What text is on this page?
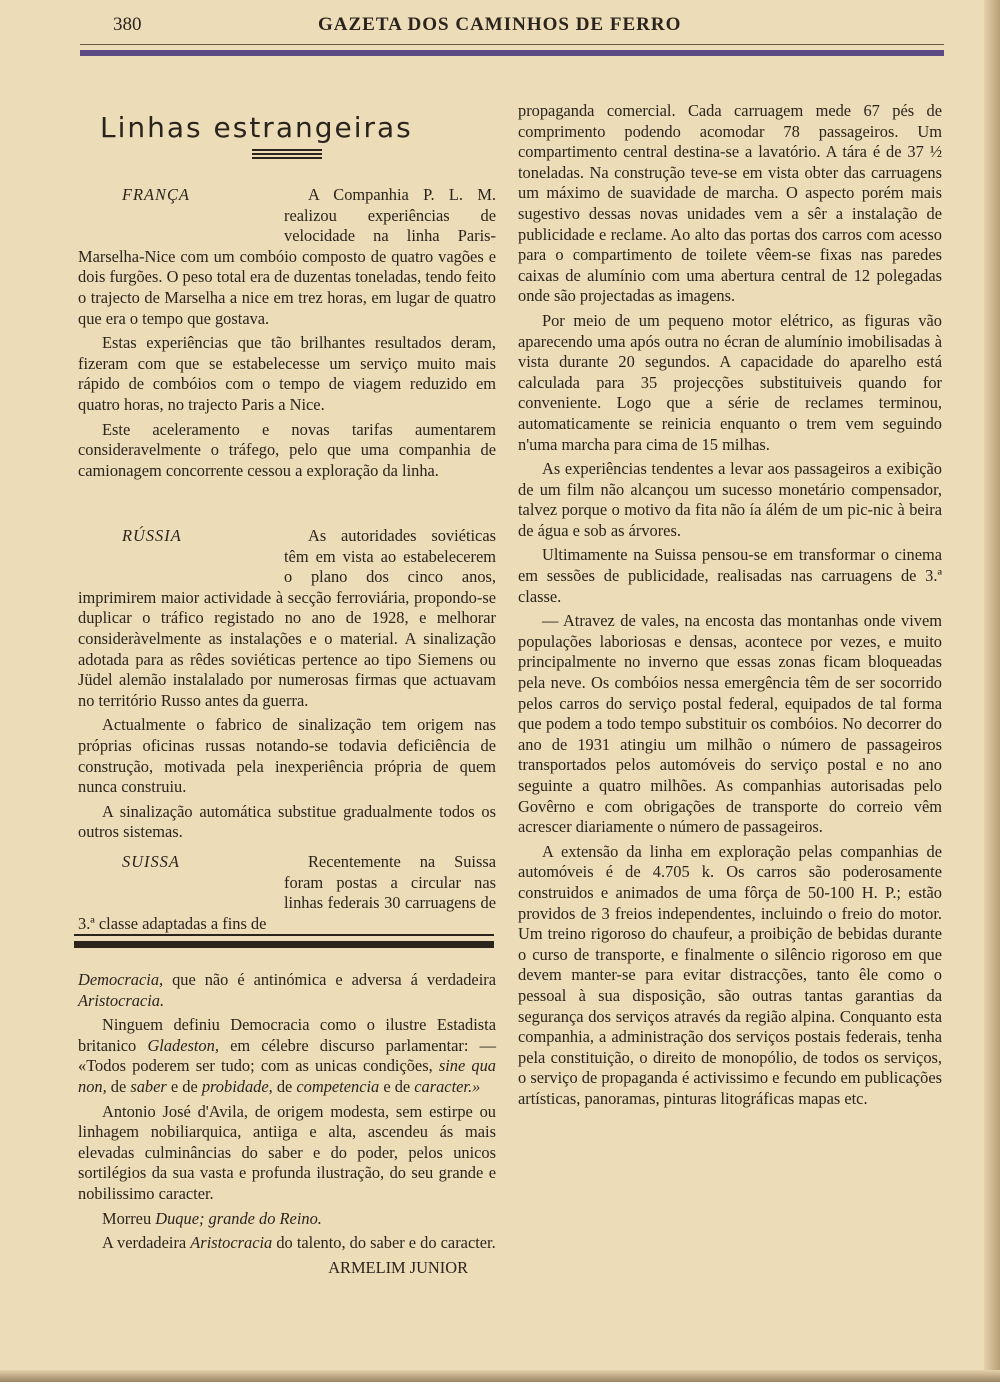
380	GAZETA DOS CAMINHOS DE FERRO
Linhas estrangeiras

FRANÇA	A Companhia P. L. M. realizou experiências de velocidade na linha Paris-Marselha-Nice com um combóio composto de quatro vagões e dois furgões. O peso total era de duzentas toneladas, tendo feito o trajecto de Marselha a nice em trez horas, em lugar de quatro que era o tempo que gostava.

Estas experiências que tão brilhantes resultados deram, fizeram com que se estabelecesse um serviço muito mais rápido de combóios com o tempo de viagem reduzido em quatro horas, no trajecto Paris a Nice.

Este aceleramento e novas tarifas aumentarem consideravelmente o tráfego, pelo que uma companhia de camionagem concorrente cessou a exploração da linha.

RÚSSIA	As autoridades soviéticas têm em vista ao estabelecerem o plano dos cinco anos, imprimirem maior actividade à secção ferroviária, propondo-se duplicar o tráfico registado no ano de 1928, e melhorar consideràvelmente as instalações e o material. A sinalização adotada para as rêdes soviéticas pertence ao tipo Siemens ou Jüdel alemão instalalado por numerosas firmas que actuavam no território Russo antes da guerra.

Actualmente o fabrico de sinalização tem origem nas próprias oficinas russas notando-se todavia deficiência de construção, motivada pela inexperiência própria de quem nunca construiu.

A sinalização automática substitue gradualmente todos os outros sistemas.

SUISSA	Recentemente na Suissa foram postas a circular nas linhas federais 30 carruagens de 3.ª classe adaptadas a fins de

Democracia, que não é antinómica e adversa á verdadeira Aristocracia.

Ninguem definiu Democracia como o ilustre Estadista britanico Gladeston, em célebre discurso parlamentar: — «Todos poderem ser tudo; com as unicas condições, sine qua non, de saber e de probidade, de competencia e de caracter.»

Antonio José d'Avila, de origem modesta, sem estirpe ou linhagem nobiliarquica, antiiga e alta, ascendeu ás mais elevadas culminâncias do saber e do poder, pelos unicos sortilégios da sua vasta e profunda ilustração, do seu grande e nobilissimo caracter.

Morreu Duque; grande do Reino.

A verdadeira Aristocracia do talento, do saber e do caracter.

ARMELIM JUNIOR

propaganda comercial. Cada carruagem mede 67 pés de comprimento podendo acomodar 78 passageiros. Um compartimento central destina-se a lavatório. A tára é de 37 ½ toneladas. Na construção teve-se em vista obter das carruagens um máximo de suavidade de marcha. O aspecto porém mais sugestivo dessas novas unidades vem a sêr a instalação de publicidade e reclame. Ao alto das portas dos carros com acesso para o compartimento de toilete vêem-se fixas nas paredes caixas de alumínio com uma abertura central de 12 polegadas onde são projectadas as imagens.

Por meio de um pequeno motor elétrico, as figuras vão aparecendo uma após outra no écran de alumínio imobilisadas à vista durante 20 segundos. A capacidade do aparelho está calculada para 35 projecções substituiveis quando for conveniente. Logo que a série de reclames terminou, automaticamente se reinicia enquanto o trem vem seguindo n'uma marcha para cima de 15 milhas.

As experiências tendentes a levar aos passageiros a exibição de um film não alcançou um sucesso monetário compensador, talvez porque o motivo da fita não ía álém de um pic-nic à beira de água e sob as árvores.

Ultimamente na Suissa pensou-se em transformar o cinema em sessões de publicidade, realisadas nas carruagens de 3.ª classe.

— Atravez de vales, na encosta das montanhas onde vivem populações laboriosas e densas, acontece por vezes, e muito principalmente no inverno que essas zonas ficam bloqueadas pela neve. Os combóios nessa emergência têm de ser socorrido pelos carros do serviço postal federal, equipados de tal forma que podem a todo tempo substituir os combóios. No decorrer do ano de 1931 atingiu um milhão o número de passageiros transportados pelos automóveis do serviço postal e no ano seguinte a quatro milhões. As companhias autorisadas pelo Govêrno e com obrigações de transporte do correio vêm acrescer diariamente o número de passageiros.

A extensão da linha em exploração pelas companhias de automóveis é de 4.705 k. Os carros são poderosamente construidos e animados de uma fôrça de 50-100 H. P.; estão providos de 3 freios independentes, incluindo o freio do motor. Um treino rigoroso do chaufeur, a proibição de bebidas durante o curso de transporte, e finalmente o silêncio rigoroso em que devem manter-se para evitar distracções, tanto êle como o pessoal à sua disposição, são outras tantas garantias da segurança dos serviços através da região alpina. Conquanto esta companhia, a administração dos serviços postais federais, tenha pela constituição, o direito de monopólio, de todos os serviços, o serviço de propaganda é activissimo e fecundo em publicações artísticas, panoramas, pinturas litográficas mapas etc.
